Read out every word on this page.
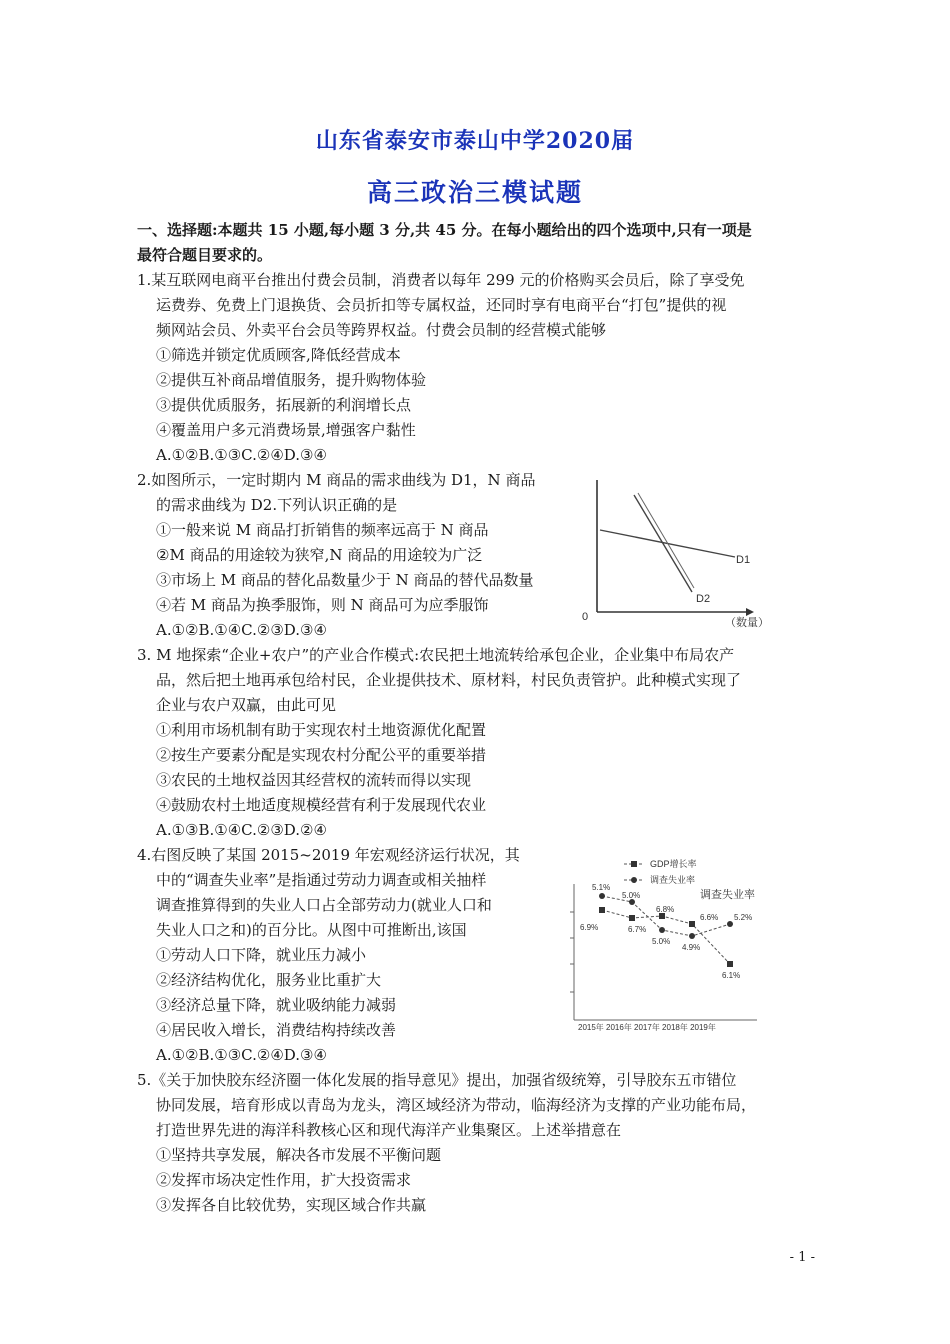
山东省泰安市泰山中学2020届
高三政治三模试题
一、选择题:本题共 15 小题,每小题 3 分,共 45 分。在每小题给出的四个选项中,只有一项是
最符合题目要求的。
1.某互联网电商平台推出付费会员制，消费者以每年 299 元的价格购买会员后，除了享受免
运费券、免费上门退换货、会员折扣等专属权益，还同时享有电商平台“打包”提供的视
频网站会员、外卖平台会员等跨界权益。付费会员制的经营模式能够
①筛选并锁定优质顾客,降低经营成本
②提供互补商品增值服务，提升购物体验
③提供优质服务，拓展新的利润增长点
④覆盖用户多元消费场景,增强客户黏性
A.①②B.①③C.②④D.③④
2.如图所示，一定时期内 M 商品的需求曲线为 D1，N 商品
的需求曲线为 D2.下列认识正确的是
①一般来说 M 商品打折销售的频率远高于 N 商品
②M 商品的用途较为狭窄,N 商品的用途较为广泛
③市场上 M 商品的替化品数量少于 N 商品的替代品数量
④若 M 商品为换季服饰，则 N 商品可为应季服饰
A.①②B.①④C.②③D.③④
0
D1
D2
（数量）
3. M 地探索“企业+农户”的产业合作模式:农民把土地流转给承包企业，企业集中布局农产
品，然后把土地再承包给村民，企业提供技术、原材料，村民负责管护。此种模式实现了
企业与农户双赢，由此可见
①利用市场机制有助于实现农村土地资源优化配置
②按生产要素分配是实现农村分配公平的重要举措
③农民的土地权益因其经营权的流转而得以实现
④鼓励农村土地适度规模经营有利于发展现代农业
A.①③B.①④C.②③D.②④
4.右图反映了某国 2015~2019 年宏观经济运行状况，其
中的“调查失业率”是指通过劳动力调查或相关抽样
调查推算得到的失业人口占全部劳动力(就业人口和
失业人口之和)的百分比。从图中可推断出,该国
①劳动人口下降，就业压力减小
②经济结构优化，服务业比重扩大
③经济总量下降，就业吸纳能力减弱
④居民收入增长，消费结构持续改善
A.①②B.①③C.②④D.③④
GDP增长率
调查失业率
调查失业率
6.9%	6.7%
6.8%
6.6%
6.1%
5.1%
5.0%
5.0%
4.9%
5.2%
2015年 2016年 2017年 2018年 2019年
5.《关于加快胶东经济圈一体化发展的指导意见》提出，加强省级统筹，引导胶东五市错位
协同发展，培育形成以青岛为龙头，湾区域经济为带动，临海经济为支撑的产业功能布局，
打造世界先进的海洋科教核心区和现代海洋产业集聚区。上述举措意在
①坚持共享发展，解决各市发展不平衡问题
②发挥市场决定性作用，扩大投资需求
③发挥各自比较优势，实现区域合作共赢
- 1 -
